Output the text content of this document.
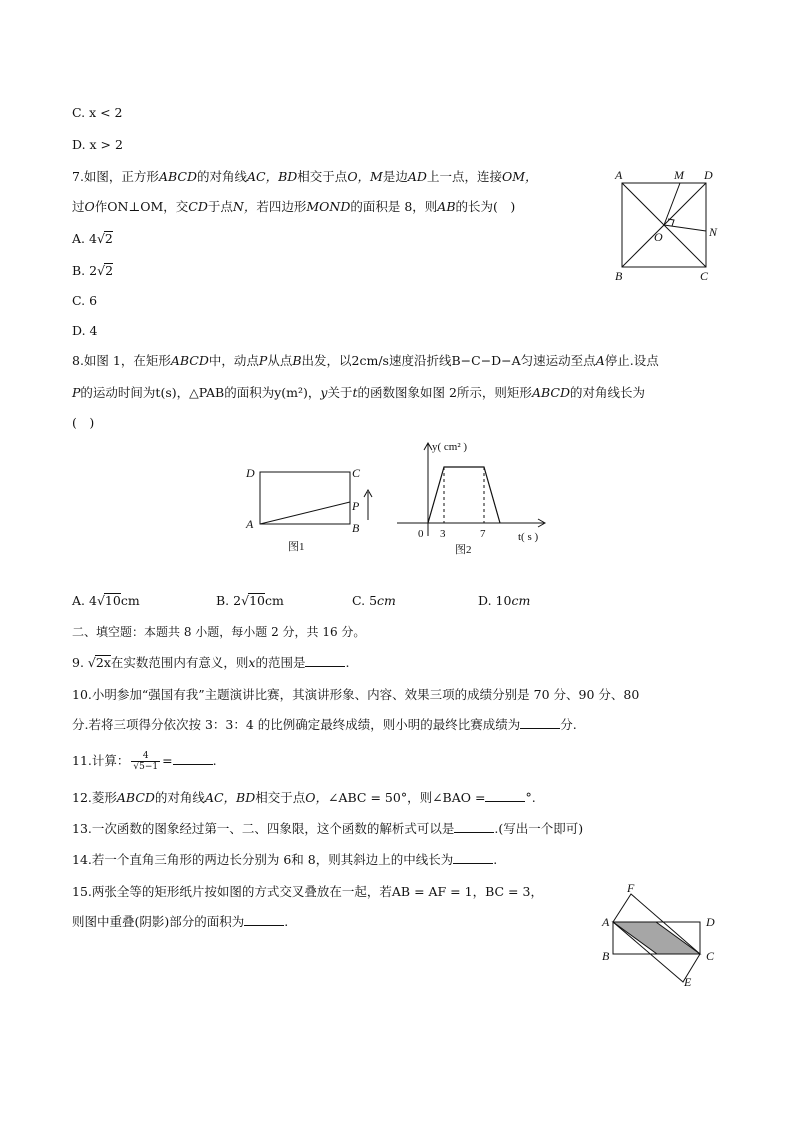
C. x < 2
D. x > 2
7.如图，正方形ABCD的对角线AC，BD相交于点O，M是边AD上一点，连接OM，
过O作ON⊥OM，交CD于点N，若四边形MOND的面积是 8，则AB的长为(　)
A. 4√2
B. 2√2
C. 6
D. 4
A	M D
O	N
B	C
8.如图 1，在矩形ABCD中，动点P从点B出发，以2cm/s速度沿折线B−C−D−A匀速运动至点A停止.设点
P的运动时间为t(s)，△PAB的面积为y(m²)，y关于t的函数图象如图 2所示，则矩形ABCD的对角线长为
(　)
D	C
A	B
P
图1
y( cm² )
0 3	7	t( s )
图2
A. 4√10cm	B. 2√10cm	C. 5cm	D. 10cm
二、填空题：本题共 8 小题，每小题 2 分，共 16 分。
9. √2x在实数范围内有意义，则x的范围是	.
10.小明参加“强国有我”主题演讲比赛，其演讲形象、内容、效果三项的成绩分别是 70 分、90 分、80
分.若将三项得分依次按 3：3：4 的比例确定最终成绩，则小明的最终比赛成绩为	分.
11.计算： $\frac{4}{√5-1}$ =	.
12.菱形ABCD的对角线AC，BD相交于点O，∠ABC = 50°，则∠BAO =	°.
13.一次函数的图象经过第一、二、四象限，这个函数的解析式可以是	.(写出一个即可)
14.若一个直角三角形的两边长分别为 6和 8，则其斜边上的中线长为	.
15.两张全等的矩形纸片按如图的方式交叉叠放在一起，若AB = AF = 1，BC = 3，
则图中重叠(阴影)部分的面积为	.
F
A	D
B	C
E
